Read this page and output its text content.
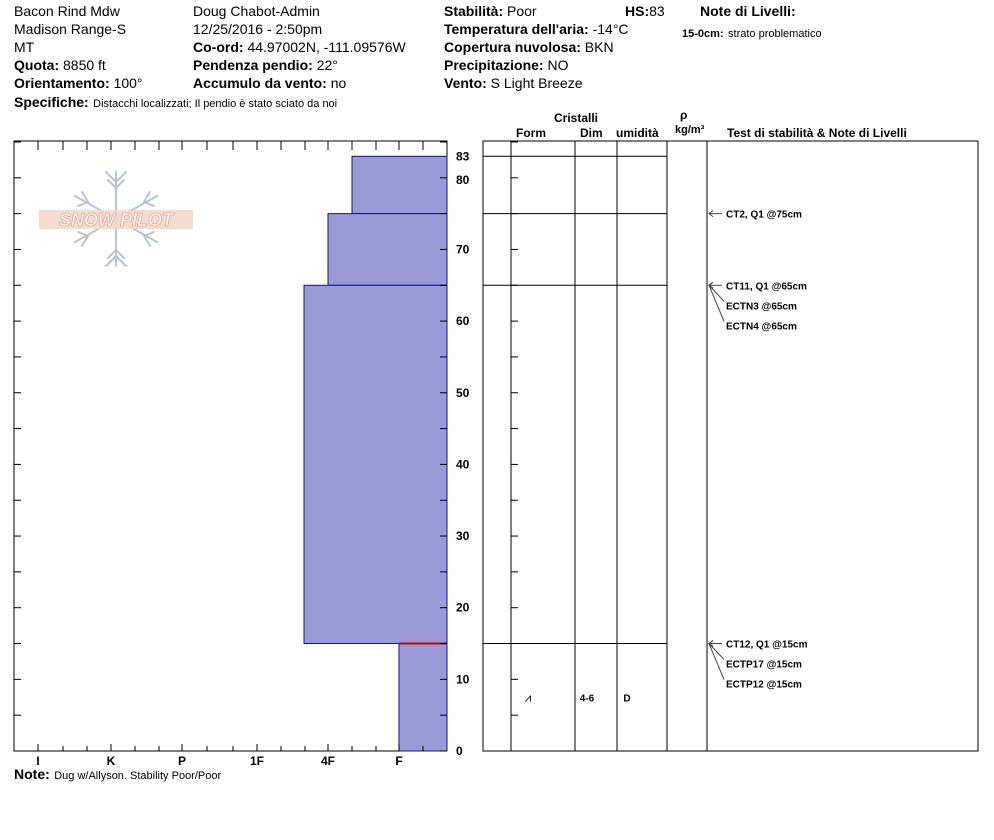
Bacon Rind Mdw
Madison Range-S
MT
Quota: 8850 ft
Orientamento: 100°
Specifiche: Distacchi localizzati; Il pendio è stato sciato da noi
Doug Chabot-Admin
12/25/2016 - 2:50pm
Co-ord: 44.97002N, -111.09576W
Pendenza pendio: 22°
Accumulo da vento: no
Stabilità: Poor	HS:83
Temperatura dell'aria: -14°C
Copertura nuvolosa: BKN
Precipitazione: NO
Vento: S Light Breeze
Note di Livelli:
15-0cm: strato problematico
Cristalli
Form	Dim umidità
ρ
kg/m³ Test di stabilità & Note di Livelli
SNOW PILOT
I	K	P	1F	4F	F
0
10
20
30
40
50
60
70
80
83
⩘	4-6	D
CT2, Q1 @75cm
CT11, Q1 @65cm
ECTN3 @65cm
ECTN4 @65cm
CT12, Q1 @15cm
ECTP17 @15cm
ECTP12 @15cm
Note: Dug w/Allyson. Stability Poor/Poor
